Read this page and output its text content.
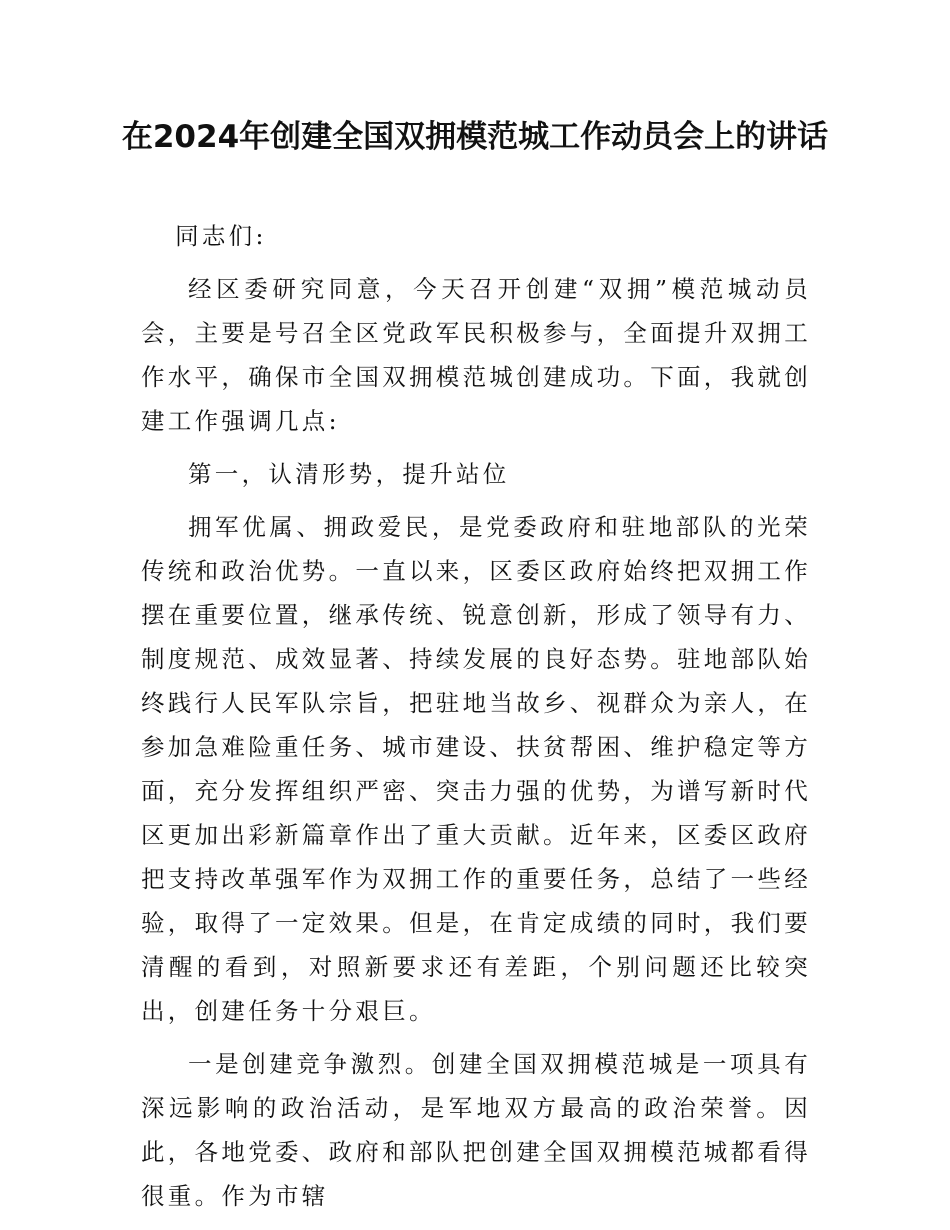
在2024年创建全国双拥模范城工作动员会上的讲话

同志们:

经区委研究同意，今天召开创建“双拥”模范城动员会，主要是号召全区党政军民积极参与，全面提升双拥工作水平，确保市全国双拥模范城创建成功。下面，我就创建工作强调几点:

第一，认清形势，提升站位

拥军优属、拥政爱民，是党委政府和驻地部队的光荣传统和政治优势。一直以来，区委区政府始终把双拥工作摆在重要位置，继承传统、锐意创新，形成了领导有力、制度规范、成效显著、持续发展的良好态势。驻地部队始终践行人民军队宗旨，把驻地当故乡、视群众为亲人，在参加急难险重任务、城市建设、扶贫帮困、维护稳定等方面，充分发挥组织严密、突击力强的优势，为谱写新时代区更加出彩新篇章作出了重大贡献。近年来，区委区政府把支持改革强军作为双拥工作的重要任务，总结了一些经验，取得了一定效果。但是，在肯定成绩的同时，我们要清醒的看到，对照新要求还有差距，个别问题还比较突出，创建任务十分艰巨。

一是创建竞争激烈。创建全国双拥模范城是一项具有深远影响的政治活动，是军地双方最高的政治荣誉。因此，各地党委、政府和部队把创建全国双拥模范城都看得很重。作为市辖
